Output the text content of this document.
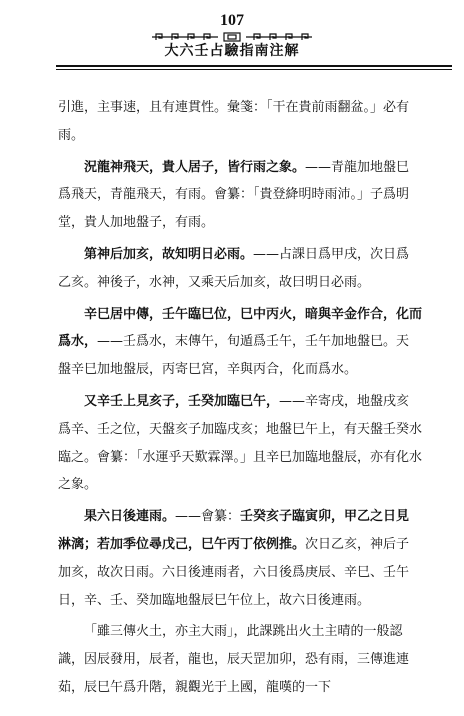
107
大六壬占驗指南注解

引進，主事速，且有連貫性。彙箋：「干在貴前雨翻盆。」必有雨。

況龍神飛天，貴人居子，皆行雨之象。——青龍加地盤巳爲飛天，青龍飛天，有雨。會纂：「貴登絳明時雨沛。」子爲明堂，貴人加地盤子，有雨。

第神后加亥，故知明日必雨。——占課日爲甲戌，次日爲乙亥。神後子，水神，又乘天后加亥，故曰明日必雨。

辛巳居中傳，壬午臨巳位，巳中丙火，暗與辛金作合，化而爲水，——壬爲水，末傳午，旬遁爲壬午，壬午加地盤巳。天盤辛巳加地盤辰，丙寄巳宮，辛與丙合，化而爲水。

又辛壬上見亥子，壬癸加臨巳午，——辛寄戌，地盤戌亥爲辛、壬之位，天盤亥子加臨戌亥；地盤巳午上，有天盤壬癸水臨之。會纂：「水運乎天歎霖澤。」且辛巳加臨地盤辰，亦有化水之象。

果六日後連雨。——會纂：壬癸亥子臨寅卯，甲乙之日見淋漓；若加季位尋戊己，巳午丙丁依例推。次日乙亥，神后子加亥，故次日雨。六日後連雨者，六日後爲庚辰、辛巳、壬午日，辛、壬、癸加臨地盤辰巳午位上，故六日後連雨。

「雖三傳火土，亦主大雨」，此課跳出火土主晴的一般認識，因辰發用，辰者，龍也，辰天罡加卯，恐有雨，三傳進連茹，辰巳午爲升階，親觀光于上國，龍嘆的一下
